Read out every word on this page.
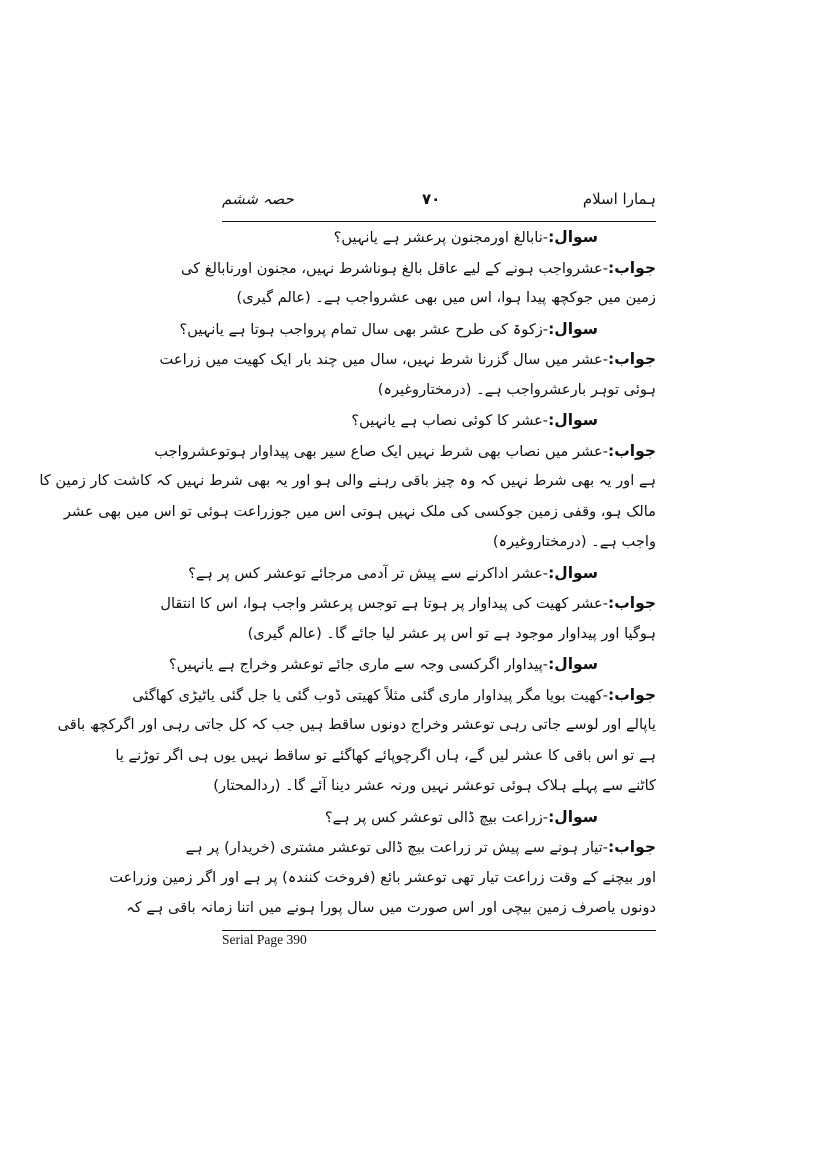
ہمارا اسلام
۷۰
حصہ ششم
سوال:-نابالغ اورمجنون پرعشر ہے یانہیں؟
جواب:-عشرواجب ہونے کے لیے عاقل بالغ ہوناشرط نہیں، مجنون اورنابالغ کی
زمین میں جوکچھ پیدا ہوا، اس میں بھی عشرواجب ہے۔ (عالم گیری)
سوال:-زکوۃ کی طرح عشر بھی سال تمام پرواجب ہوتا ہے یانہیں؟
جواب:-عشر میں سال گزرنا شرط نہیں، سال میں چند بار ایک کھیت میں زراعت
ہوئی توہر بارعشرواجب ہے۔ (درمختاروغیرہ)
سوال:-عشر کا کوئی نصاب ہے یانہیں؟
جواب:-عشر میں نصاب بھی شرط نہیں ایک صاع سیر بھی پیداوار ہوتوعشرواجب
ہے اور یہ بھی شرط نہیں کہ وہ چیز باقی رہنے والی ہو اور یہ بھی شرط نہیں کہ کاشت کار زمین کا
مالک ہو، وقفی زمین جوکسی کی ملک نہیں ہوتی اس میں جوزراعت ہوئی تو اس میں بھی عشر
واجب ہے۔ (درمختاروغیرہ)
سوال:-عشر اداکرنے سے پیش تر آدمی مرجائے توعشر کس پر ہے؟
جواب:-عشر کھیت کی پیداوار پر ہوتا ہے توجس پرعشر واجب ہوا، اس کا انتقال
ہوگیا اور پیداوار موجود ہے تو اس پر عشر لیا جائے گا۔ (عالم گیری)
سوال:-پیداوار اگرکسی وجہ سے ماری جائے توعشر وخراج ہے یانہیں؟
جواب:-کھیت بویا مگر پیداوار ماری گئی مثلاً کھیتی ڈوب گئی یا جل گئی یاٹیڑی کھاگئی
یاپالے اور لوسے جاتی رہی توعشر وخراج دونوں ساقط ہیں جب کہ کل جاتی رہی اور اگرکچھ باقی
ہے تو اس باقی کا عشر لیں گے، ہاں اگرچوپائے کھاگئے تو ساقط نہیں یوں ہی اگر توڑنے یا
کاٹنے سے پہلے ہلاک ہوئی توعشر نہیں ورنہ عشر دینا آئے گا۔ (ردالمحتار)
سوال:-زراعت بیچ ڈالی توعشر کس پر ہے؟
جواب:-تیار ہونے سے پیش تر زراعت بیچ ڈالی توعشر مشتری (خریدار) پر ہے
اور بیچنے کے وقت زراعت تیار تھی توعشر بائع (فروخت کنندہ) پر ہے اور اگر زمین وزراعت
دونوں یاصرف زمین بیچی اور اس صورت میں سال پورا ہونے میں اتنا زمانہ باقی ہے کہ
Serial Page 390
